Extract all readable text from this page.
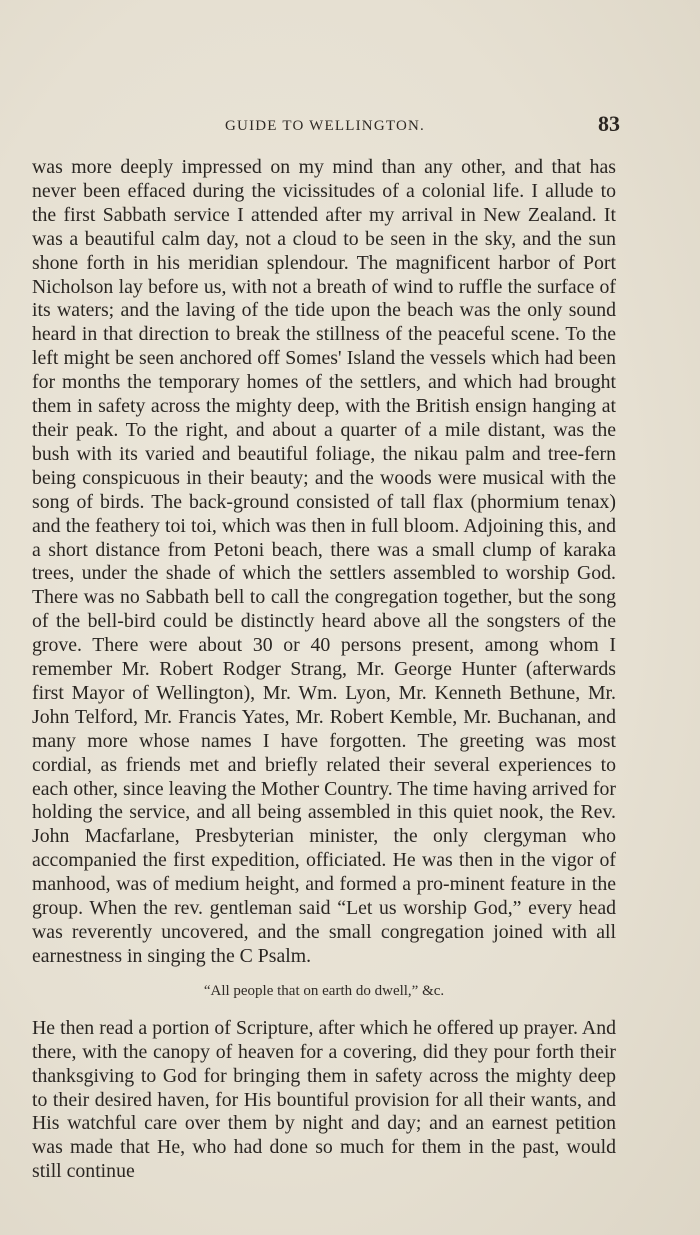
GUIDE TO WELLINGTON.	83

was more deeply impressed on my mind than any other, and that has never been effaced during the vicissitudes of a colonial life. I allude to the first Sabbath service I attended after my arrival in New Zealand. It was a beautiful calm day, not a cloud to be seen in the sky, and the sun shone forth in his meridian splendour. The magnificent harbor of Port Nicholson lay before us, with not a breath of wind to ruffle the surface of its waters; and the laving of the tide upon the beach was the only sound heard in that direction to break the stillness of the peaceful scene. To the left might be seen anchored off Somes' Island the vessels which had been for months the temporary homes of the settlers, and which had brought them in safety across the mighty deep, with the British ensign hanging at their peak. To the right, and about a quarter of a mile distant, was the bush with its varied and beautiful foliage, the nikau palm and tree-fern being conspicuous in their beauty; and the woods were musical with the song of birds. The back-ground consisted of tall flax (phormium tenax) and the feathery toi toi, which was then in full bloom. Adjoining this, and a short distance from Petoni beach, there was a small clump of karaka trees, under the shade of which the settlers assembled to worship God. There was no Sabbath bell to call the congregation together, but the song of the bell-bird could be distinctly heard above all the songsters of the grove. There were about 30 or 40 persons present, among whom I remember Mr. Robert Rodger Strang, Mr. George Hunter (afterwards first Mayor of Wellington), Mr. Wm. Lyon, Mr. Kenneth Bethune, Mr. John Telford, Mr. Francis Yates, Mr. Robert Kemble, Mr. Buchanan, and many more whose names I have forgotten. The greeting was most cordial, as friends met and briefly related their several experiences to each other, since leaving the Mother Country. The time having arrived for holding the service, and all being assembled in this quiet nook, the Rev. John Macfarlane, Presbyterian minister, the only clergyman who accompanied the first expedition, officiated. He was then in the vigor of manhood, was of medium height, and formed a pro-minent feature in the group. When the rev. gentleman said “Let us worship God,” every head was reverently uncovered, and the small congregation joined with all earnestness in singing the C Psalm.

“All people that on earth do dwell,” &c.

He then read a portion of Scripture, after which he offered up prayer. And there, with the canopy of heaven for a covering, did they pour forth their thanksgiving to God for bringing them in safety across the mighty deep to their desired haven, for His bountiful provision for all their wants, and His watchful care over them by night and day; and an earnest petition was made that He, who had done so much for them in the past, would still continue
